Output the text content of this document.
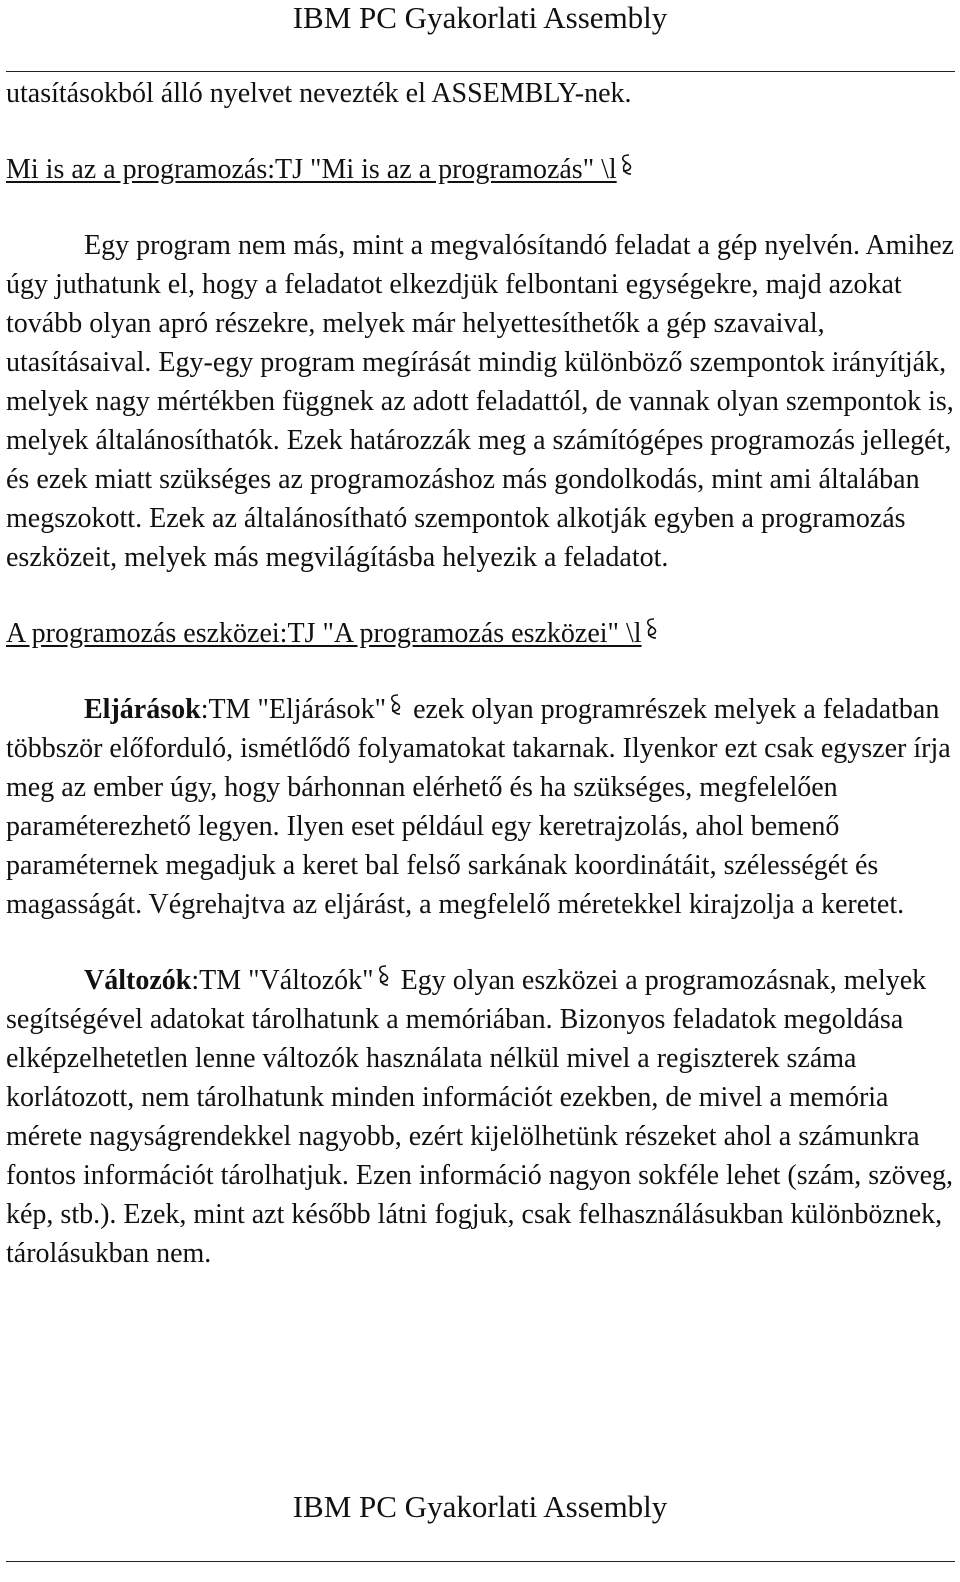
IBM PC Gyakorlati Assembly

utasításokból álló nyelvet nevezték el ASSEMBLY-nek.

Mi is az a programozás:TJ "Mi is az a programozás" \l

Egy program nem más, mint a megvalósítandó feladat a gép nyelvén. Amihez úgy juthatunk el, hogy a feladatot elkezdjük felbontani egységekre, majd azokat tovább olyan apró részekre, melyek már helyettesíthetők a gép szavaival, utasításaival. Egy-egy program megírását mindig különböző szempontok irányítják, melyek nagy mértékben függnek az adott feladattól, de vannak olyan szempontok is, melyek általánosíthatók. Ezek határozzák meg a számítógépes programozás jellegét, és ezek miatt szükséges az programozáshoz más gondolkodás, mint ami általában megszokott. Ezek az általánosítható szempontok alkotják egyben a programozás eszközeit, melyek más megvilágításba helyezik a feladatot.

A programozás eszközei:TJ "A programozás eszközei" \l

Eljárások:TM "Eljárások"
ezek olyan programrészek melyek a feladatban többször előforduló, ismétlődő folyamatokat takarnak. Ilyenkor ezt csak egyszer írja meg az ember úgy, hogy bárhonnan elérhető és ha szükséges, megfelelően paraméterezhető legyen. Ilyen eset például egy keretrajzolás, ahol bemenő paraméternek megadjuk a keret bal felső sarkának koordinátáit, szélességét és magasságát. Végrehajtva az eljárást, a megfelelő méretekkel kirajzolja a keretet.

Változók:TM "Változók"
Egy olyan eszközei a programozásnak, melyek segítségével adatokat tárolhatunk a memóriában. Bizonyos feladatok megoldása elképzelhetetlen lenne változók használata nélkül mivel a regiszterek száma korlátozott, nem tárolhatunk minden információt ezekben, de mivel a memória mérete nagyságrendekkel nagyobb, ezért kijelölhetünk részeket ahol a számunkra fontos információt tárolhatjuk. Ezen információ nagyon sokféle lehet (szám, szöveg, kép, stb.). Ezek, mint azt később látni fogjuk, csak felhasználásukban különböznek, tárolásukban nem.

IBM PC Gyakorlati Assembly
